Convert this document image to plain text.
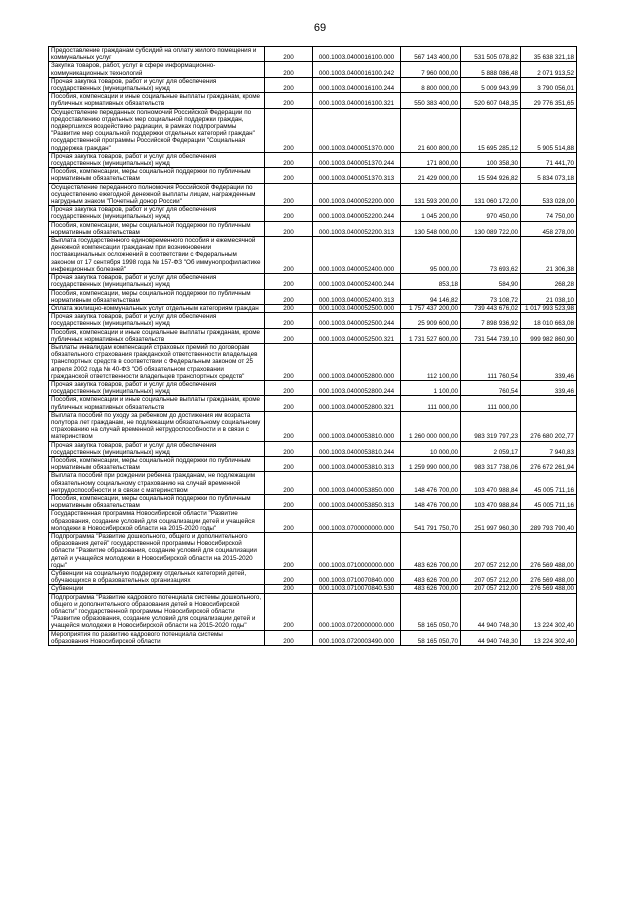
69
Предоставление гражданам субсидий на оплату жилого помещения и коммунальных услуг	200	000.1003.0400016100.000	567 143 400,00	531 505 078,82	35 638 321,18
Закупка товаров, работ, услуг в сфере информационно-коммуникационных технологий	200	000.1003.0400016100.242	7 960 000,00	5 888 086,48	2 071 913,52
Прочая закупка товаров, работ и услуг для обеспечения государственных (муниципальных) нужд	200	000.1003.0400016100.244	8 800 000,00	5 009 943,99	3 790 056,01
Пособия, компенсации и иные социальные выплаты гражданам, кроме публичных нормативных обязательств	200	000.1003.0400016100.321	550 383 400,00	520 607 048,35	29 776 351,65
Осуществление переданных полномочий Российской Федерации по предоставлению отдельных мер социальной поддержки граждан, подвергшихся воздействию радиации, в рамках подпрограммы "Развитие мер социальной поддержки отдельных категорий граждан" государственной программы Российской Федерации "Социальная поддержка граждан"	200	000.1003.0400051370.000	21 600 800,00	15 695 285,12	5 905 514,88
Прочая закупка товаров, работ и услуг для обеспечения государственных (муниципальных) нужд	200	000.1003.0400051370.244	171 800,00	100 358,30	71 441,70
Пособия, компенсации, меры социальной поддержки по публичным нормативным обязательствам	200	000.1003.0400051370.313	21 429 000,00	15 594 926,82	5 834 073,18
Осуществление переданного полномочия Российской Федерации по осуществлению ежегодной денежной выплаты лицам, награжденным нагрудным знаком "Почетный донор России"	200	000.1003.0400052200.000	131 593 200,00	131 060 172,00	533 028,00
Прочая закупка товаров, работ и услуг для обеспечения государственных (муниципальных) нужд	200	000.1003.0400052200.244	1 045 200,00	970 450,00	74 750,00
Пособия, компенсации, меры социальной поддержки по публичным нормативным обязательствам	200	000.1003.0400052200.313	130 548 000,00	130 089 722,00	458 278,00
Выплата государственного единовременного пособия и ежемесячной денежной компенсации гражданам при возникновении поствакцинальных осложнений в соответствии с Федеральным законом от 17 сентября 1998 года № 157-ФЗ "Об иммунопрофилактике инфекционных болезней"	200	000.1003.0400052400.000	95 000,00	73 693,62	21 306,38
Прочая закупка товаров, работ и услуг для обеспечения государственных (муниципальных) нужд	200	000.1003.0400052400.244	853,18	584,90	268,28
Пособия, компенсации, меры социальной поддержки по публичным нормативным обязательствам	200	000.1003.0400052400.313	94 146,82	73 108,72	21 038,10
Оплата жилищно-коммунальных услуг отдельным категориям граждан	200	000.1003.0400052500.000	1 757 437 200,00	739 443 676,02	1 017 993 523,98
Прочая закупка товаров, работ и услуг для обеспечения государственных (муниципальных) нужд	200	000.1003.0400052500.244	25 909 600,00	7 898 936,92	18 010 663,08
Пособия, компенсации и иные социальные выплаты гражданам, кроме публичных нормативных обязательств	200	000.1003.0400052500.321	1 731 527 600,00	731 544 739,10	999 982 860,90
Выплаты инвалидам компенсаций страховых премий по договорам обязательного страхования гражданской ответственности владельцев транспортных средств в соответствии с Федеральным законом от 25 апреля 2002 года № 40-ФЗ "Об обязательном страховании гражданской ответственности владельцев транспортных средств"	200	000.1003.0400052800.000	112 100,00	111 760,54	339,46
Прочая закупка товаров, работ и услуг для обеспечения государственных (муниципальных) нужд	200	000.1003.0400052800.244	1 100,00	760,54	339,46
Пособия, компенсации и иные социальные выплаты гражданам, кроме публичных нормативных обязательств	200	000.1003.0400052800.321	111 000,00	111 000,00	
Выплата пособий по уходу за ребенком до достижения им возраста полутора лет гражданам, не подлежащим обязательному социальному страхованию на случай временной нетрудоспособности и в связи с материнством	200	000.1003.0400053810.000	1 260 000 000,00	983 319 797,23	276 680 202,77
Прочая закупка товаров, работ и услуг для обеспечения государственных (муниципальных) нужд	200	000.1003.0400053810.244	10 000,00	2 059,17	7 940,83
Пособия, компенсации, меры социальной поддержки по публичным нормативным обязательствам	200	000.1003.0400053810.313	1 259 990 000,00	983 317 738,06	276 672 261,94
Выплата пособий при рождении ребенка гражданам, не подлежащим обязательному социальному страхованию на случай временной нетрудоспособности и в связи с материнством	200	000.1003.0400053850.000	148 476 700,00	103 470 988,84	45 005 711,16
Пособия, компенсации, меры социальной поддержки по публичным нормативным обязательствам	200	000.1003.0400053850.313	148 476 700,00	103 470 988,84	45 005 711,16
Государственная программа Новосибирской области "Развитие образования, создание условий для социализации детей и учащейся молодежи в Новосибирской области на 2015-2020 годы"	200	000.1003.0700000000.000	541 791 750,70	251 997 960,30	289 793 790,40
Подпрограмма "Развитие дошкольного, общего и дополнительного образования детей" государственной программы Новосибирской области "Развитие образования, создание условий для социализации детей и учащейся молодежи в Новосибирской области на 2015-2020 годы"	200	000.1003.0710000000.000	483 626 700,00	207 057 212,00	276 569 488,00
Субвенции на социальную поддержку отдельных категорий детей, обучающихся в образовательных организациях	200	000.1003.0710070840.000	483 626 700,00	207 057 212,00	276 569 488,00
Субвенции	200	000.1003.0710070840.530	483 626 700,00	207 057 212,00	276 569 488,00
Подпрограмма "Развитие кадрового потенциала системы дошкольного, общего и дополнительного образования детей в Новосибирской области" государственной программы Новосибирской области "Развитие образования, создание условий для социализации детей и учащейся молодежи в Новосибирской области на 2015-2020 годы"	200	000.1003.0720000000.000	58 165 050,70	44 940 748,30	13 224 302,40
Мероприятия по развитию кадрового потенциала системы образования Новосибирской области	200	000.1003.0720003490.000	58 165 050,70	44 940 748,30	13 224 302,40
